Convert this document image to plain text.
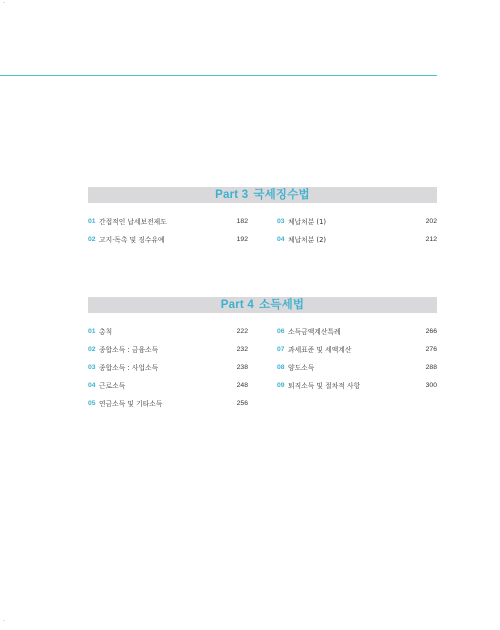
-
-
Part 3 국세징수법
01 간접적인 납세보전제도	182
02 고지·독촉 및 징수유예	192
03 체납처분 (1)	202
04 체납처분 (2)	212
Part 4 소득세법
01 총칙	222
02 종합소득 : 금융소득	232
03 종합소득 : 사업소득	238
04 근로소득	248
05 연금소득 및 기타소득	256
06 소득금액계산특례	266
07 과세표준 및 세액계산	276
08 양도소득	288
09 퇴직소득 및 절차적 사항	300
